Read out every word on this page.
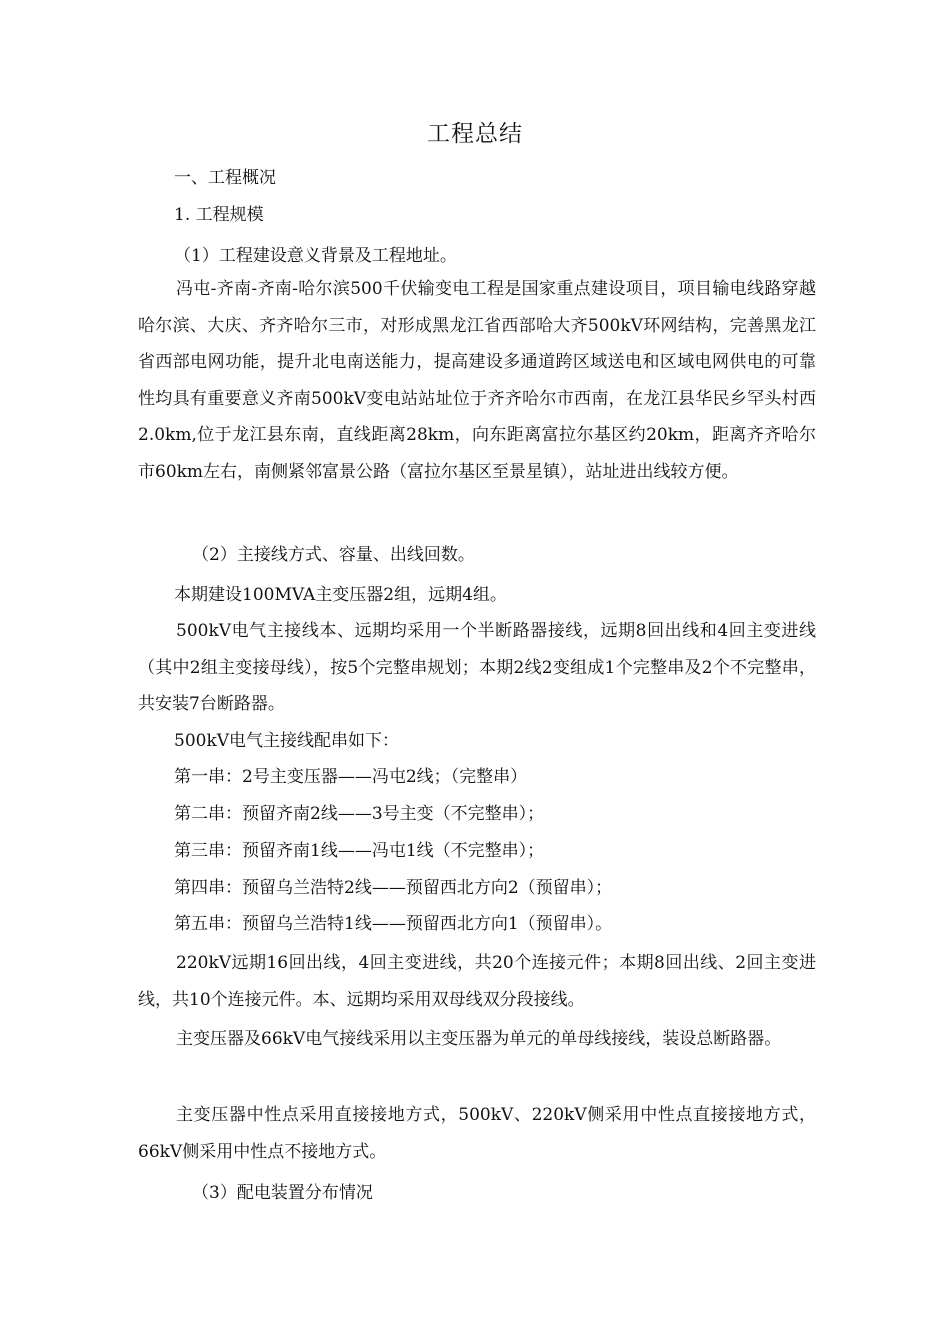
工程总结
一、工程概况
1. 工程规模
（1）工程建设意义背景及工程地址。
冯屯-齐南-齐南-哈尔滨500千伏输变电工程是国家重点建设项目，项目输电线路穿越哈尔滨、大庆、齐齐哈尔三市，对形成黑龙江省西部哈大齐500kV环网结构，完善黑龙江省西部电网功能，提升北电南送能力，提高建设多通道跨区域送电和区域电网供电的可靠性均具有重要意义齐南500kV变电站站址位于齐齐哈尔市西南，在龙江县华民乡罕头村西2.0km,位于龙江县东南，直线距离28km，向东距离富拉尔基区约20km，距离齐齐哈尔市60km左右，南侧紧邻富景公路（富拉尔基区至景星镇），站址进出线较方便。
（2）主接线方式、容量、出线回数。
本期建设100MVA主变压器2组，远期4组。
500kV电气主接线本、远期均采用一个半断路器接线，远期8回出线和4回主变进线（其中2组主变接母线），按5个完整串规划；本期2线2变组成1个完整串及2个不完整串，共安装7台断路器。
500kV电气主接线配串如下：
第一串：2号主变压器——冯屯2线；（完整串）
第二串：预留齐南2线——3号主变（不完整串）；
第三串：预留齐南1线——冯屯1线（不完整串）；
第四串：预留乌兰浩特2线——预留西北方向2（预留串）；
第五串：预留乌兰浩特1线——预留西北方向1（预留串）。
220kV远期16回出线，4回主变进线，共20个连接元件；本期8回出线、2回主变进线，共10个连接元件。本、远期均采用双母线双分段接线。
主变压器及66kV电气接线采用以主变压器为单元的单母线接线，装设总断路器。
主变压器中性点采用直接接地方式，500kV、220kV侧采用中性点直接接地方式，66kV侧采用中性点不接地方式。
（3）配电装置分布情况
